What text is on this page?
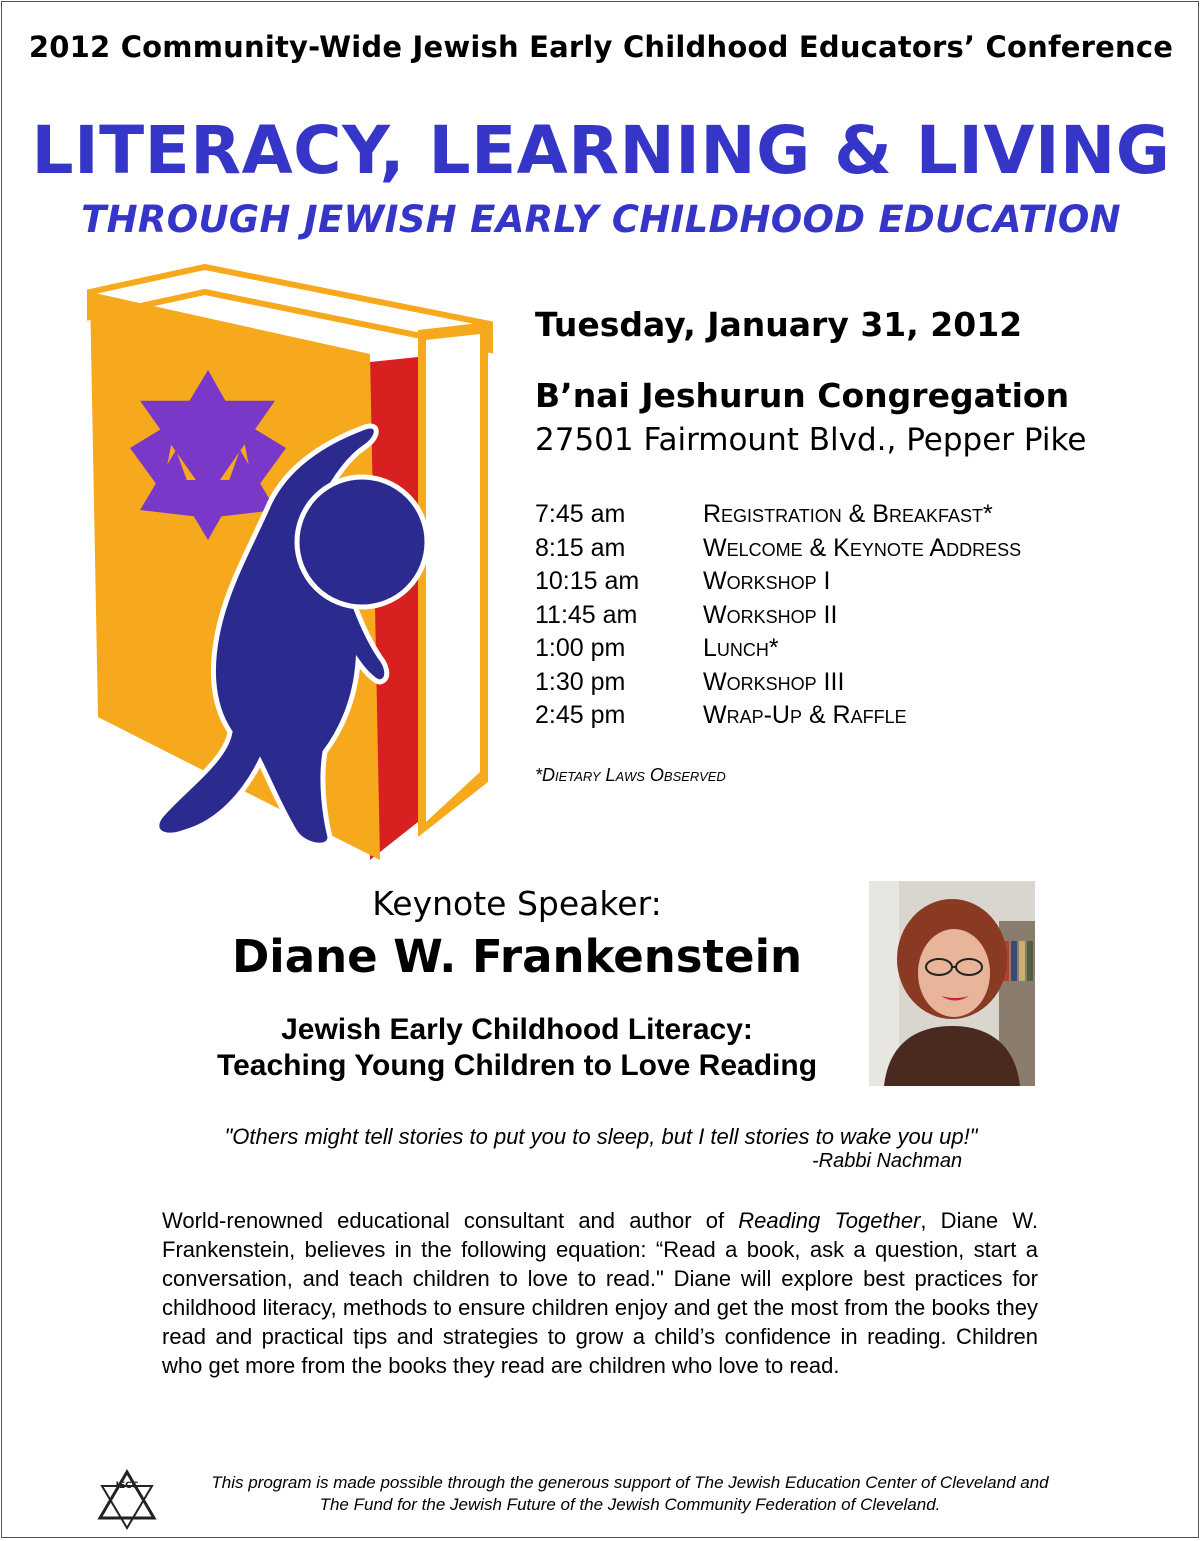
2012 Community-Wide Jewish Early Childhood Educators’ Conference
LITERACY, LEARNING & LIVING
THROUGH JEWISH EARLY CHILDHOOD EDUCATION
Tuesday, January 31, 2012
B’nai Jeshurun Congregation
27501 Fairmount Blvd., Pepper Pike
7:45 am	Registration & Breakfast*
8:15 am	Welcome & Keynote Address
10:15 am	Workshop I
11:45 am	Workshop II
1:00 pm	Lunch*
1:30 pm	Workshop III
2:45 pm	Wrap-Up & Raffle
*Dietary Laws Observed
Keynote Speaker:
Diane W. Frankenstein
Jewish Early Childhood Literacy:
Teaching Young Children to Love Reading
"Others might tell stories to put you to sleep, but I tell stories to wake you up!"
-Rabbi Nachman
World-renowned educational consultant and author of Reading Together, Diane W. Frankenstein, believes in the following equation: “Read a book, ask a question, start a conversation, and teach children to love to read." Diane will explore best practices for childhood literacy, methods to ensure children enjoy and get the most from the books they read and practical tips and strategies to grow a child’s confidence in reading. Children who get more from the books they read are children who love to read.
JECC	This program is made possible through the generous support of The Jewish Education Center of Cleveland and
The Fund for the Jewish Future of the Jewish Community Federation of Cleveland.
